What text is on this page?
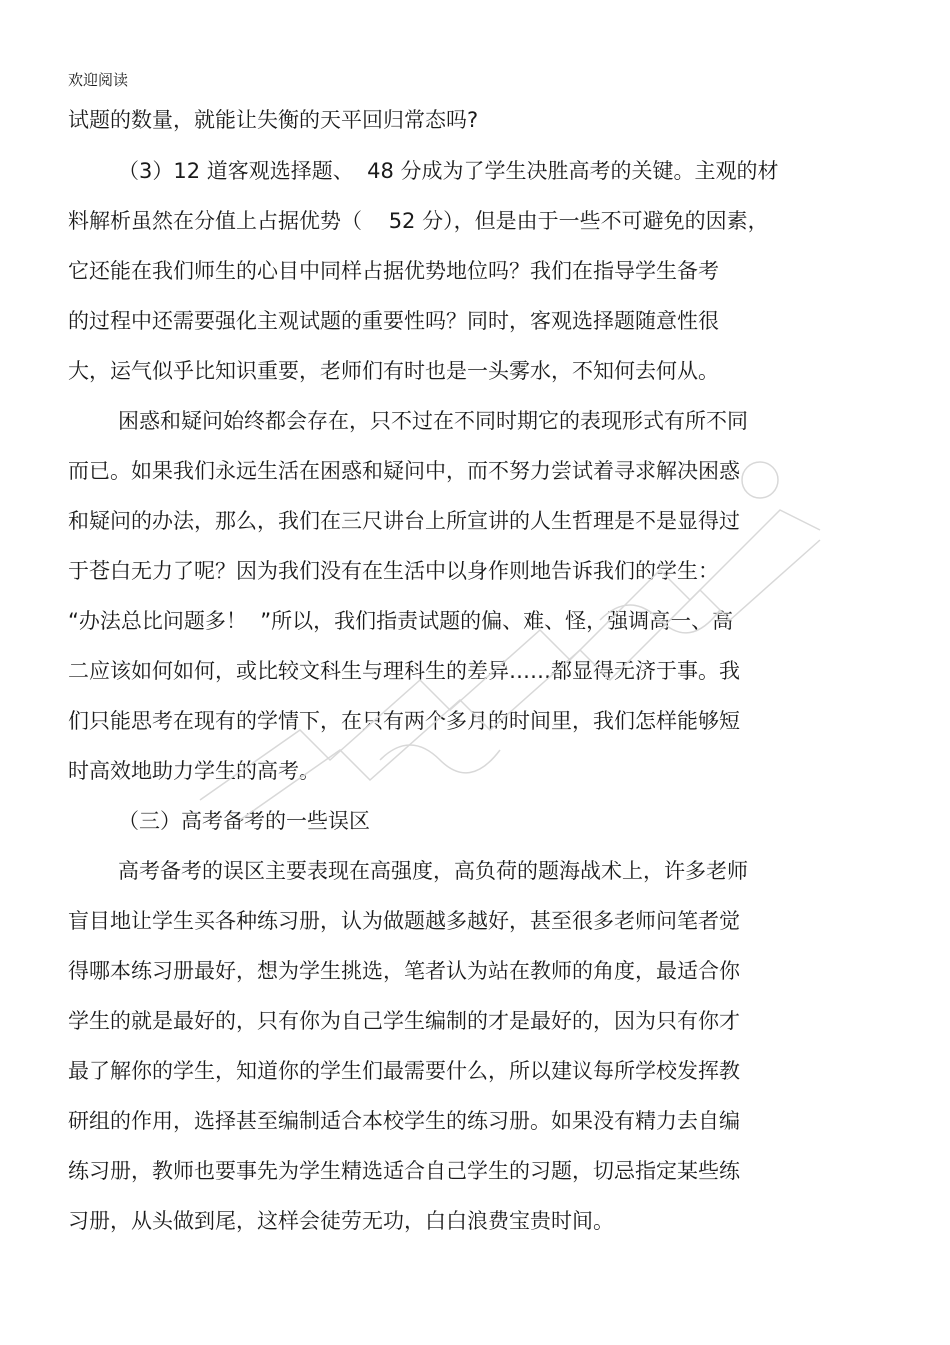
欢迎阅读
试题的数量，就能让失衡的天平回归常态吗?
（3）12 道客观选择题、  48 分成为了学生决胜高考的关键。主观的材
料解析虽然在分值上占据优势（    52 分），但是由于一些不可避免的因素，
它还能在我们师生的心目中同样占据优势地位吗？我们在指导学生备考
的过程中还需要强化主观试题的重要性吗？同时，客观选择题随意性很
大，运气似乎比知识重要，老师们有时也是一头雾水，不知何去何从。
困惑和疑问始终都会存在，只不过在不同时期它的表现形式有所不同
而已。如果我们永远生活在困惑和疑问中，而不努力尝试着寻求解决困惑
和疑问的办法，那么，我们在三尺讲台上所宣讲的人生哲理是不是显得过
于苍白无力了呢？因为我们没有在生活中以身作则地告诉我们的学生：
“办法总比问题多！  ”所以，我们指责试题的偏、难、怪，强调高一、高
二应该如何如何，或比较文科生与理科生的差异……都显得无济于事。我
们只能思考在现有的学情下，在只有两个多月的时间里，我们怎样能够短
时高效地助力学生的高考。
（三）高考备考的一些误区
高考备考的误区主要表现在高强度，高负荷的题海战术上，许多老师
盲目地让学生买各种练习册，认为做题越多越好，甚至很多老师问笔者觉
得哪本练习册最好，想为学生挑选，笔者认为站在教师的角度，最适合你
学生的就是最好的，只有你为自己学生编制的才是最好的，因为只有你才
最了解你的学生，知道你的学生们最需要什么，所以建议每所学校发挥教
研组的作用，选择甚至编制适合本校学生的练习册。如果没有精力去自编
练习册，教师也要事先为学生精选适合自己学生的习题，切忌指定某些练
习册，从头做到尾，这样会徒劳无功，白白浪费宝贵时间。
